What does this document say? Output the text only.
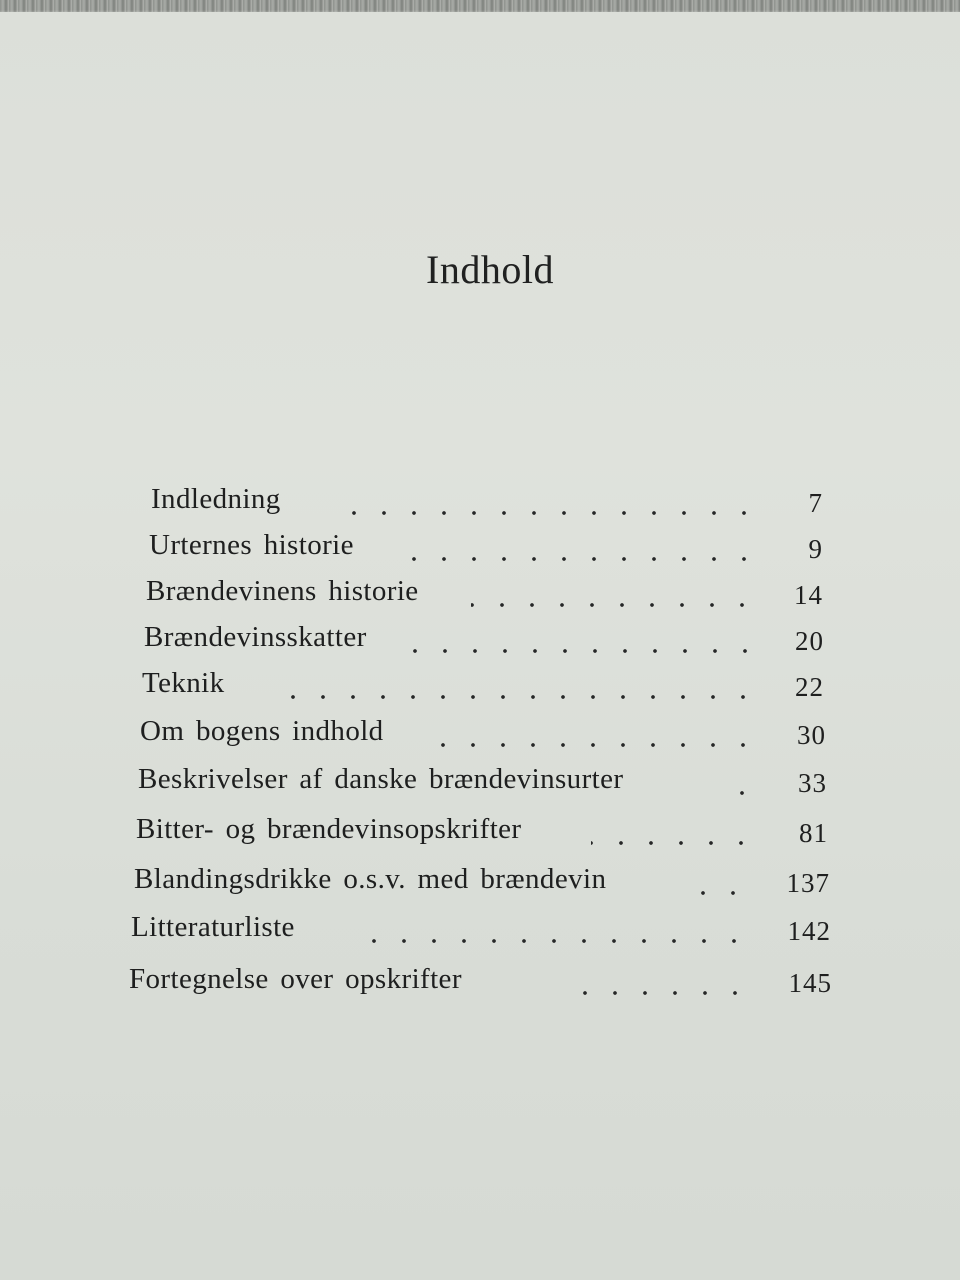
Indhold
Indledning	7
Urternes historie	9
Brændevinens historie	14
Brændevinsskatter	20
Teknik	22
Om bogens indhold	30
Beskrivelser af danske brændevinsurter	33
Bitter- og brændevinsopskrifter	81
Blandingsdrikke o.s.v. med brændevin	137
Litteraturliste	142
Fortegnelse over opskrifter	145
